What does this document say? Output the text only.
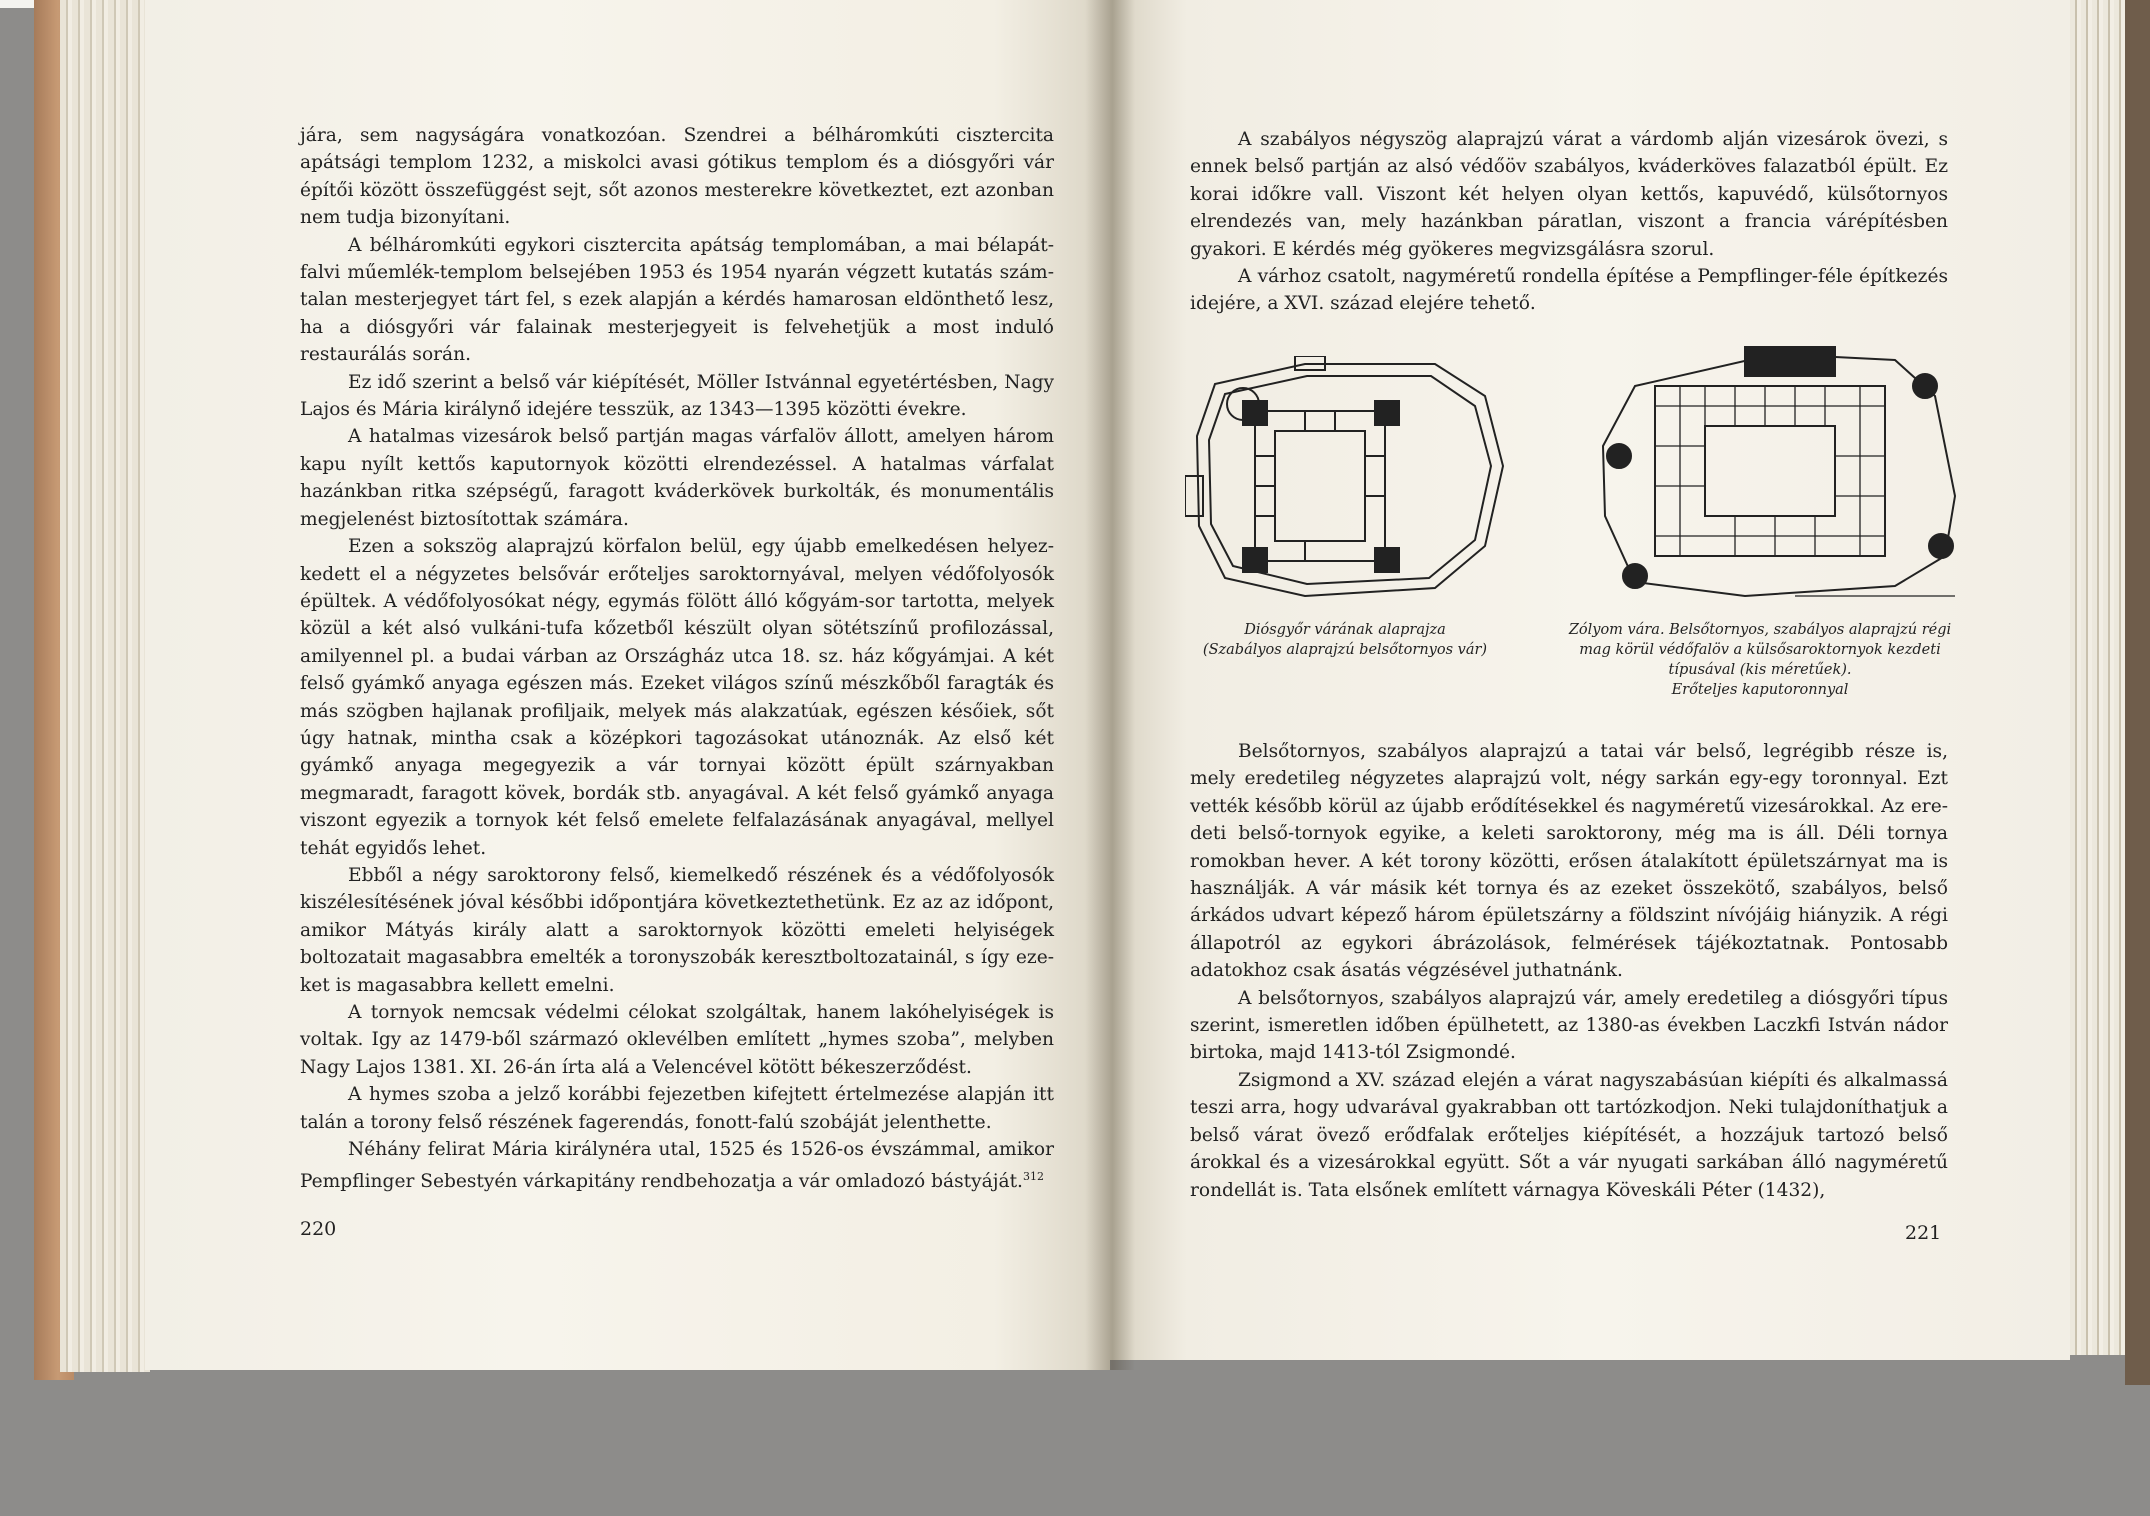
jára, sem nagyságára vonatkozóan. Szendrei a bélháromkúti cisztercita apátsági templom 1232, a miskolci avasi gótikus templom és a diósgyőri vár építői között összefüggést sejt, sőt azonos mesterekre következtet, ezt azonban nem tudja bizonyítani.

A bélháromkúti egykori cisztercita apátság templomában, a mai bélapátfalvi műemlék-templom belsejében 1953 és 1954 nyarán végzett kutatás számtalan mesterjegyet tárt fel, s ezek alapján a kérdés hamarosan eldönthető lesz, ha a diósgyőri vár falainak mesterjegyeit is felvehetjük a most induló restaurálás során.

Ez idő szerint a belső vár kiépítését, Möller Istvánnal egyetértésben, Nagy Lajos és Mária királynő idejére tesszük, az 1343—1395 közötti évekre.

A hatalmas vizesárok belső partján magas várfalöv állott, amelyen három kapu nyílt kettős kaputornyok közötti elrendezéssel. A hatalmas várfalat hazánkban ritka szépségű, faragott kváderkövek burkolták, és monumentális megjelenést biztosítottak számára.

Ezen a sokszög alaprajzú körfalon belül, egy újabb emelkedésen helyezkedett el a négyzetes belsővár erőteljes saroktornyával, melyen védőfolyosók épültek. A védőfolyosókat négy, egymás fölött álló kőgyám-sor tartotta, melyek közül a két alsó vulkáni-tufa kőzetből készült olyan sötétszínű profilozással, amilyennel pl. a budai várban az Országház utca 18. sz. ház kőgyámjai. A két felső gyámkő anyaga egészen más. Ezeket világos színű mészkőből faragták és más szögben hajlanak profiljaik, melyek más alakzatúak, egészen későiek, sőt úgy hatnak, mintha csak a középkori tagozásokat utánoznák. Az első két gyámkő anyaga megegyezik a vár tornyai között épült szárnyakban megmaradt, faragott kövek, bordák stb. anyagával. A két felső gyámkő anyaga viszont egyezik a tornyok két felső emelete felfalazásának anyagával, mellyel tehát egyidős lehet.

Ebből a négy saroktorony felső, kiemelkedő részének és a védőfolyosók kiszélesítésének jóval későbbi időpontjára következtethetünk. Ez az az időpont, amikor Mátyás király alatt a saroktornyok közötti emeleti helyiségek boltozatait magasabbra emelték a toronyszobák keresztboltozatainál, s így ezeket is magasabbra kellett emelni.

A tornyok nemcsak védelmi célokat szolgáltak, hanem lakóhelyiségek is voltak. Igy az 1479-ből származó oklevélben említett „hymes szoba”, melyben Nagy Lajos 1381. XI. 26-án írta alá a Velencével kötött békeszerződést.

A hymes szoba a jelző korábbi fejezetben kifejtett értelmezése alapján itt talán a torony felső részének fagerendás, fonott-falú szobáját jelenthette.

Néhány felirat Mária királynéra utal, 1525 és 1526-os évszámmal, amikor Pempflinger Sebestyén várkapitány rendbehozatja a vár omladozó bástyáját.$^{312}$

220

A szabályos négyszög alaprajzú várat a várdomb alján vizesárok övezi, s ennek belső partján az alsó védőöv szabályos, kváderköves falazatból épült. Ez korai időkre vall. Viszont két helyen olyan kettős, kapuvédő, külsőtornyos elrendezés van, mely hazánkban páratlan, viszont a francia várépítésben gyakori. E kérdés még gyökeres megvizsgálásra szorul.

A várhoz csatolt, nagyméretű rondella építése a Pempflinger-féle építkezés idejére, a XVI. század elejére tehető.

Diósgyőr várának alaprajza
(Szabályos alaprajzú belsőtornyos vár)
Zólyom vára. Belsőtornyos, szabályos alaprajzú régi mag körül védőfalöv a külsősaroktornyok kezdeti típusával (kis méretűek).
Erőteljes kaputoronnyal

Belsőtornyos, szabályos alaprajzú a tatai vár belső, legrégibb része is, mely eredetileg négyzetes alaprajzú volt, négy sarkán egy-egy toronnyal. Ezt vették később körül az újabb erődítésekkel és nagyméretű vizesárokkal. Az eredeti belső-tornyok egyike, a keleti saroktorony, még ma is áll. Déli tornya romokban hever. A két torony közötti, erősen átalakított épületszárnyat ma is használják. A vár másik két tornya és az ezeket összekötő, szabályos, belső árkádos udvart képező három épületszárny a földszint nívójáig hiányzik. A régi állapotról az egykori ábrázolások, felmérések tájékoztatnak. Pontosabb adatokhoz csak ásatás végzésével juthatnánk.

A belsőtornyos, szabályos alaprajzú vár, amely eredetileg a diósgyőri típus szerint, ismeretlen időben épülhetett, az 1380-as években Laczkfi István nádor birtoka, majd 1413-tól Zsigmondé.

Zsigmond a XV. század elején a várat nagyszabásúan kiépíti és alkalmassá teszi arra, hogy udvarával gyakrabban ott tartózkodjon. Neki tulajdoníthatjuk a belső várat övező erődfalak erőteljes kiépítését, a hozzájuk tartozó belső árokkal és a vizesárokkal együtt. Sőt a vár nyugati sarkában álló nagyméretű rondellát is. Tata elsőnek említett várnagya Köveskáli Péter (1432),

221
